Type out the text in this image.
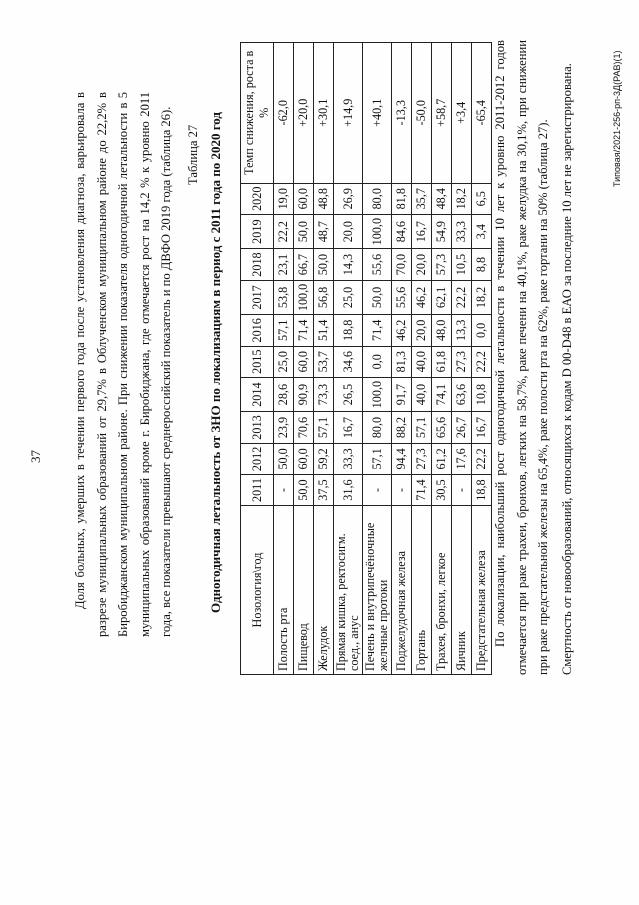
37 Доля больных, умерших в течении первого года после установления диагноза, варьировала в разрезе муниципальных образований от 29,7% в Облученском муниципальном районе до 22,2% в Биробиджанском муниципальном районе. При снижении показателя одногодичной летальности в 5 муниципальных образований кроме г. Биробиджана, где отмечается рост на 14,2 % к уровню 2011 года, все показатели превышают среднероссийский показатель и по ДВФО 2019 года (таблица 26).	Таблица 27 Одногодичная летальность от ЗНО по локализациям в период с 2011 года по 2020 год Нозология\год	2011	2012	2013	2014	2015	2016	2017	2018	2019	2020	Темп снижения, роста в %
Полость рта	-	50,0	23,9	28,6	25,0	57,1	53,8	23,1	22,2	19,0	-62,0
Пищевод	50,0	60,0	70,6	90,9	60,0	71,4	100,0	66,7	50,0	60,0	+20,0
Желудок	37,5	59,2	57,1	73,3	53,7	51,4	56,8	50,0	48,7	48,8	+30,1
Прямая кишка, ректосигм. соед., анус	31,6	33,3	16,7	26,5	34,6	18,8	25,0	14,3	20,0	26,9	+14,9
Печень и внутрипечёночные желчные протоки	-	57,1	80,0	100,0	0,0	71,4	50,0	55,6	100,0	80,0	+40,1
Поджелудочная железа	-	94,4	88,2	91,7	81,3	46,2	55,6	70,0	84,6	81,8	-13,3
Гортань	71,4	27,3	57,1	40,0	40,0	20,0	46,2	20,0	16,7	35,7	-50,0
Трахея, бронхи, легкое	30,5	61,2	65,6	74,1	61,8	48,0	62,1	57,3	54,9	48,4	+58,7
Яичник	-	17,6	26,7	63,6	27,3	13,3	22,2	10,5	33,3	18,2	+3,4
Предстательная железа	18,8	22,2	16,7	10,8	22,2	0,0	18,2	8,8	3,4	6,5	-65,4 По локализации, наибольший рост одногодичной летальности в течении 10 лет к уровню 2011-2012 годов отмечается при раке трахеи, бронхов, легких на 58,7%, раке печени на 40,1%, раке желудка на 30,1%, при снижении при раке предстательной железы на 65,4%, раке полости рта на 62%, раке гортани на 50% (таблица 27). Смертность от новообразований, относящихся к кодам D 00-D48 в ЕАО за последние 10 лет не зарегистрирована.	Типовая/2021-256-рп-3Д(РАВ)(1)
